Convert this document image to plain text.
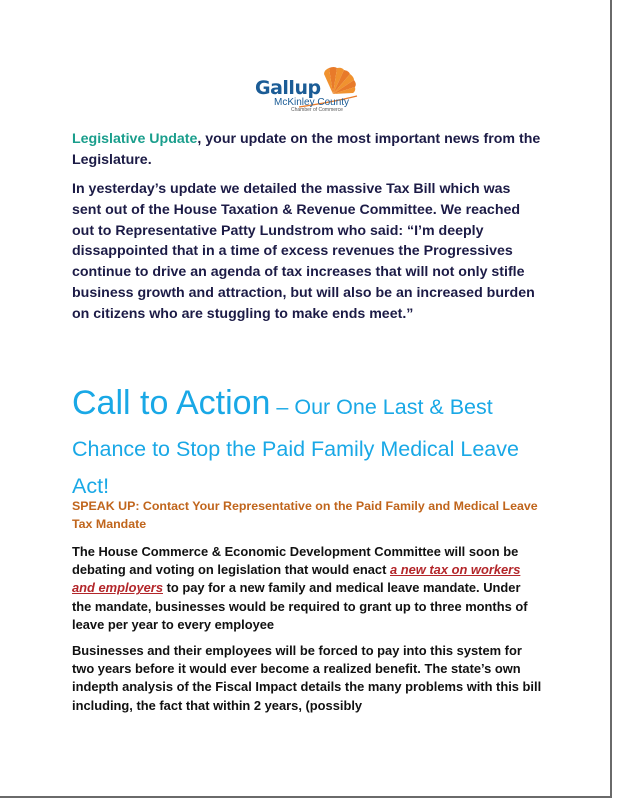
Gallup
McKinley County
Chamber of Commerce

Legislative Update, your update on the most important news from the Legislature.

In yesterday’s update we detailed the massive Tax Bill which was sent out of the House Taxation & Revenue Committee. We reached out to Representative Patty Lundstrom who said: “I’m deeply dissappointed that in a time of excess revenues the Progressives continue to drive an agenda of tax increases that will not only stifle business growth and attraction, but will also be an increased burden on citizens who are stuggling to make ends meet.”

Call to Action – Our One Last & Best Chance to Stop the Paid Family Medical Leave Act!

SPEAK UP: Contact Your Representative on the Paid Family and Medical Leave Tax Mandate

The House Commerce & Economic Development Committee will soon be debating and voting on legislation that would enact a new tax on workers and employers to pay for a new family and medical leave mandate. Under the mandate, businesses would be required to grant up to three months of leave per year to every employee

Businesses and their employees will be forced to pay into this system for two years before it would ever become a realized benefit. The state’s own indepth analysis of the Fiscal Impact details the many problems with this bill including, the fact that within 2 years, (possibly
